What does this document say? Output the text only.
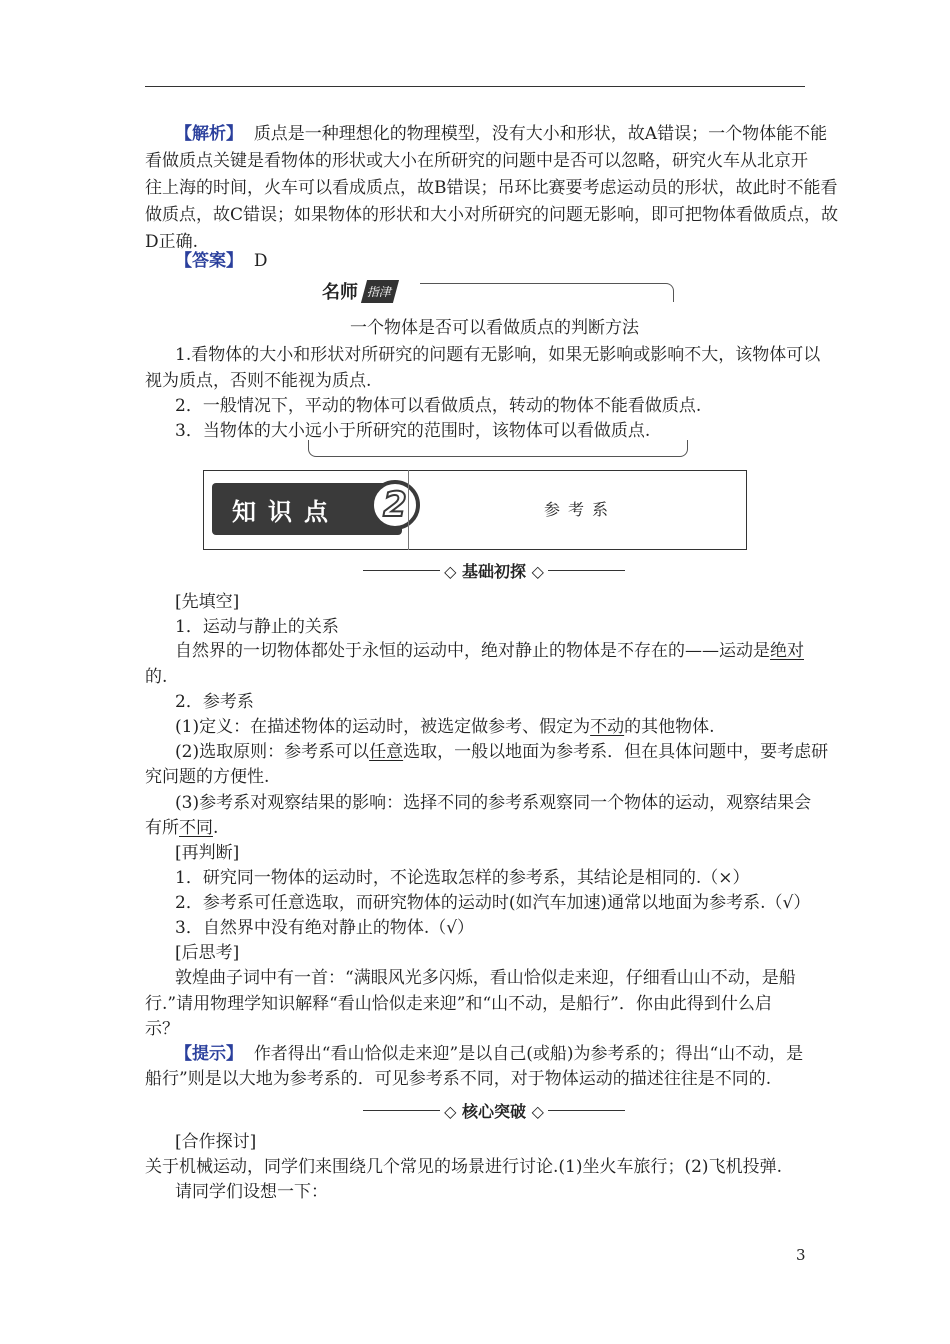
【解析】 质点是一种理想化的物理模型，没有大小和形状，故A错误；一个物体能不能
看做质点关键是看物体的形状或大小在所研究的问题中是否可以忽略，研究火车从北京开
往上海的时间，火车可以看成质点，故B错误；吊环比赛要考虑运动员的形状，故此时不能看
做质点，故C错误；如果物体的形状和大小对所研究的问题无影响，即可把物体看做质点，故
D正确.
【答案】 D
名师 指津
一个物体是否可以看做质点的判断方法
1.看物体的大小和形状对所研究的问题有无影响，如果无影响或影响不大，该物体可以
视为质点，否则不能视为质点.
2．一般情况下，平动的物体可以看做质点，转动的物体不能看做质点.
3．当物体的大小远小于所研究的范围时，该物体可以看做质点.
知识点	2	参考系
◇ 基础初探 ◇
[先填空]
1．运动与静止的关系
自然界的一切物体都处于永恒的运动中，绝对静止的物体是不存在的——运动是绝对
的.
2．参考系
(1)定义：在描述物体的运动时，被选定做参考、假定为不动的其他物体.
(2)选取原则：参考系可以任意选取，一般以地面为参考系．但在具体问题中，要考虑研
究问题的方便性.
(3)参考系对观察结果的影响：选择不同的参考系观察同一个物体的运动，观察结果会
有所不同.
[再判断]
1．研究同一物体的运动时，不论选取怎样的参考系，其结论是相同的.（×）
2．参考系可任意选取，而研究物体的运动时(如汽车加速)通常以地面为参考系.（√）
3．自然界中没有绝对静止的物体.（√）
[后思考]
敦煌曲子词中有一首：“满眼风光多闪烁，看山恰似走来迎，仔细看山山不动，是船
行.”请用物理学知识解释“看山恰似走来迎”和“山不动，是船行”．你由此得到什么启
示？
【提示】 作者得出“看山恰似走来迎”是以自己(或船)为参考系的；得出“山不动，是
船行”则是以大地为参考系的．可见参考系不同，对于物体运动的描述往往是不同的.
◇ 核心突破 ◇
[合作探讨]
关于机械运动，同学们来围绕几个常见的场景进行讨论.(1)坐火车旅行；(2)飞机投弹.
请同学们设想一下：
3
